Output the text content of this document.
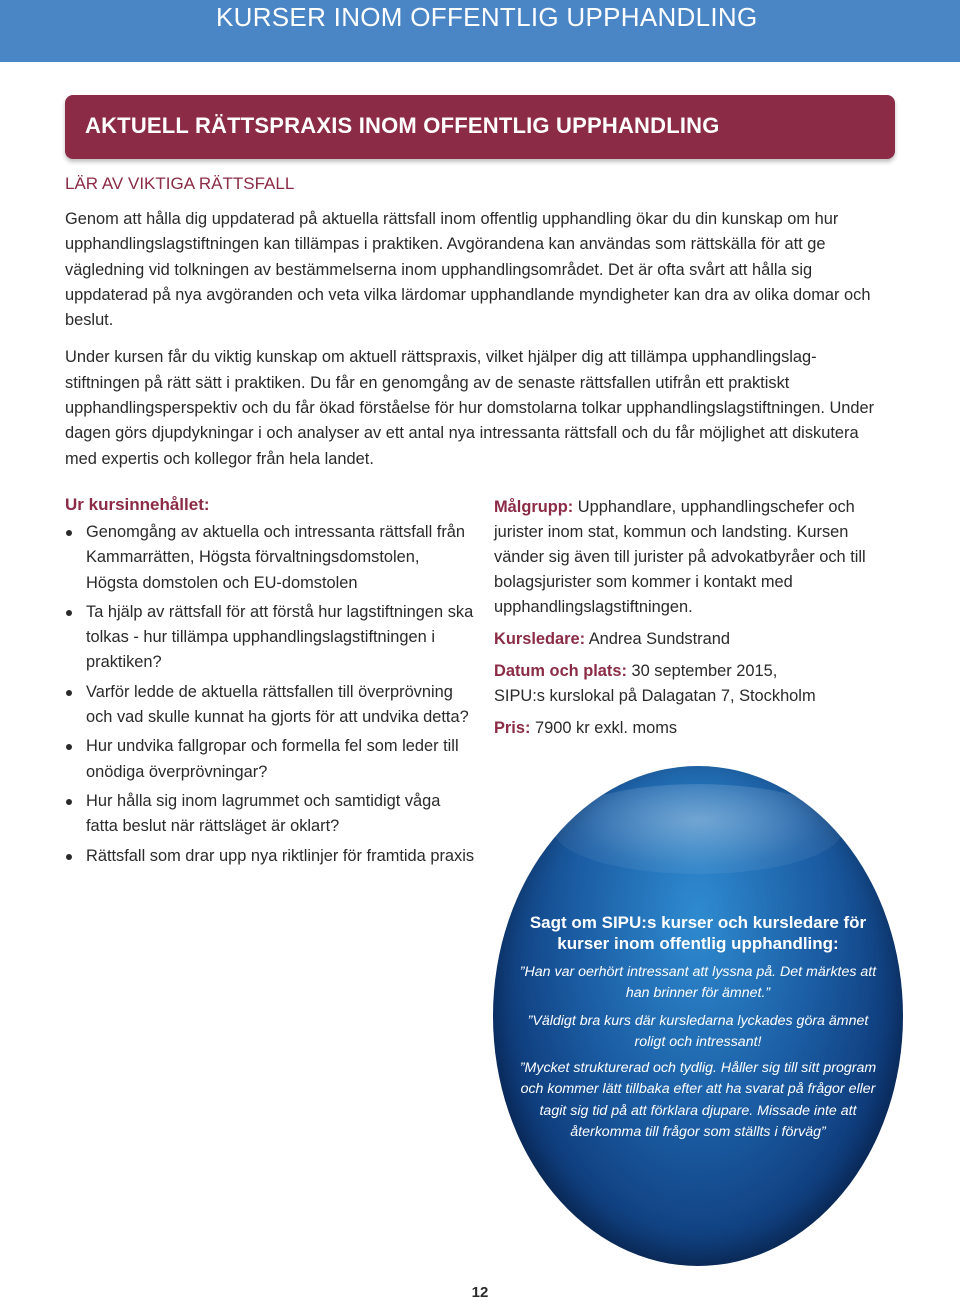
KURSER INOM OFFENTLIG UPPHANDLING
AKTUELL RÄTTSPRAXIS INOM OFFENTLIG UPPHANDLING
LÄR AV VIKTIGA RÄTTSFALL

Genom att hålla dig uppdaterad på aktuella rättsfall inom offentlig upphandling ökar du din kunskap om hur upphandlingslagstiftningen kan tillämpas i praktiken. Avgörandena kan användas som rättskälla för att ge vägledning vid tolkningen av bestämmelserna inom upphandlingsområdet. Det är ofta svårt att hålla sig uppdaterad på nya avgöranden och veta vilka lärdomar upphandlande myndigheter kan dra av olika domar och beslut.

Under kursen får du viktig kunskap om aktuell rättspraxis, vilket hjälper dig att tillämpa upphandlingslagstiftningen på rätt sätt i praktiken. Du får en genomgång av de senaste rättsfallen utifrån ett praktiskt upphandlingsperspektiv och du får ökad förståelse för hur domstolarna tolkar upphandlingslagstiftningen. Under dagen görs djupdykningar i och analyser av ett antal nya intressanta rättsfall och du får möjlighet att diskutera med expertis och kollegor från hela landet.

Ur kursinnehållet:
Genomgång av aktuella och intressanta rättsfall från Kammarrätten, Högsta förvaltningsdomstolen, Högsta domstolen och EU-domstolen
Ta hjälp av rättsfall för att förstå hur lagstiftningen ska tolkas - hur tillämpa upphandlingslagstiftningen i praktiken?
Varför ledde de aktuella rättsfallen till överprövning och vad skulle kunnat ha gjorts för att undvika detta?
Hur undvika fallgropar och formella fel som leder till onödiga överprövningar?
Hur hålla sig inom lagrummet och samtidigt våga fatta beslut när rättsläget är oklart?
Rättsfall som drar upp nya riktlinjer för framtida praxis

Målgrupp: Upphandlare, upphandlingschefer och jurister inom stat, kommun och landsting. Kursen vänder sig även till jurister på advokatbyråer och till bolagsjurister som kommer i kontakt med upphandlingslagstiftningen.

Kursledare: Andrea Sundstrand

Datum och plats: 30 september 2015,
SIPU:s kurslokal på Dalagatan 7, Stockholm

Pris: 7900 kr exkl. moms

Sagt om SIPU:s kurser och kursledare för kurser inom offentlig upphandling:

”Han var oerhört intressant att lyssna på. Det märktes att han brinner för ämnet.”

”Väldigt bra kurs där kursledarna lyckades göra ämnet roligt och intressant!

”Mycket strukturerad och tydlig. Håller sig till sitt program och kommer lätt tillbaka efter att ha svarat på frågor eller tagit sig tid på att förklara djupare. Missade inte att återkomma till frågor som ställts i förväg”

12
